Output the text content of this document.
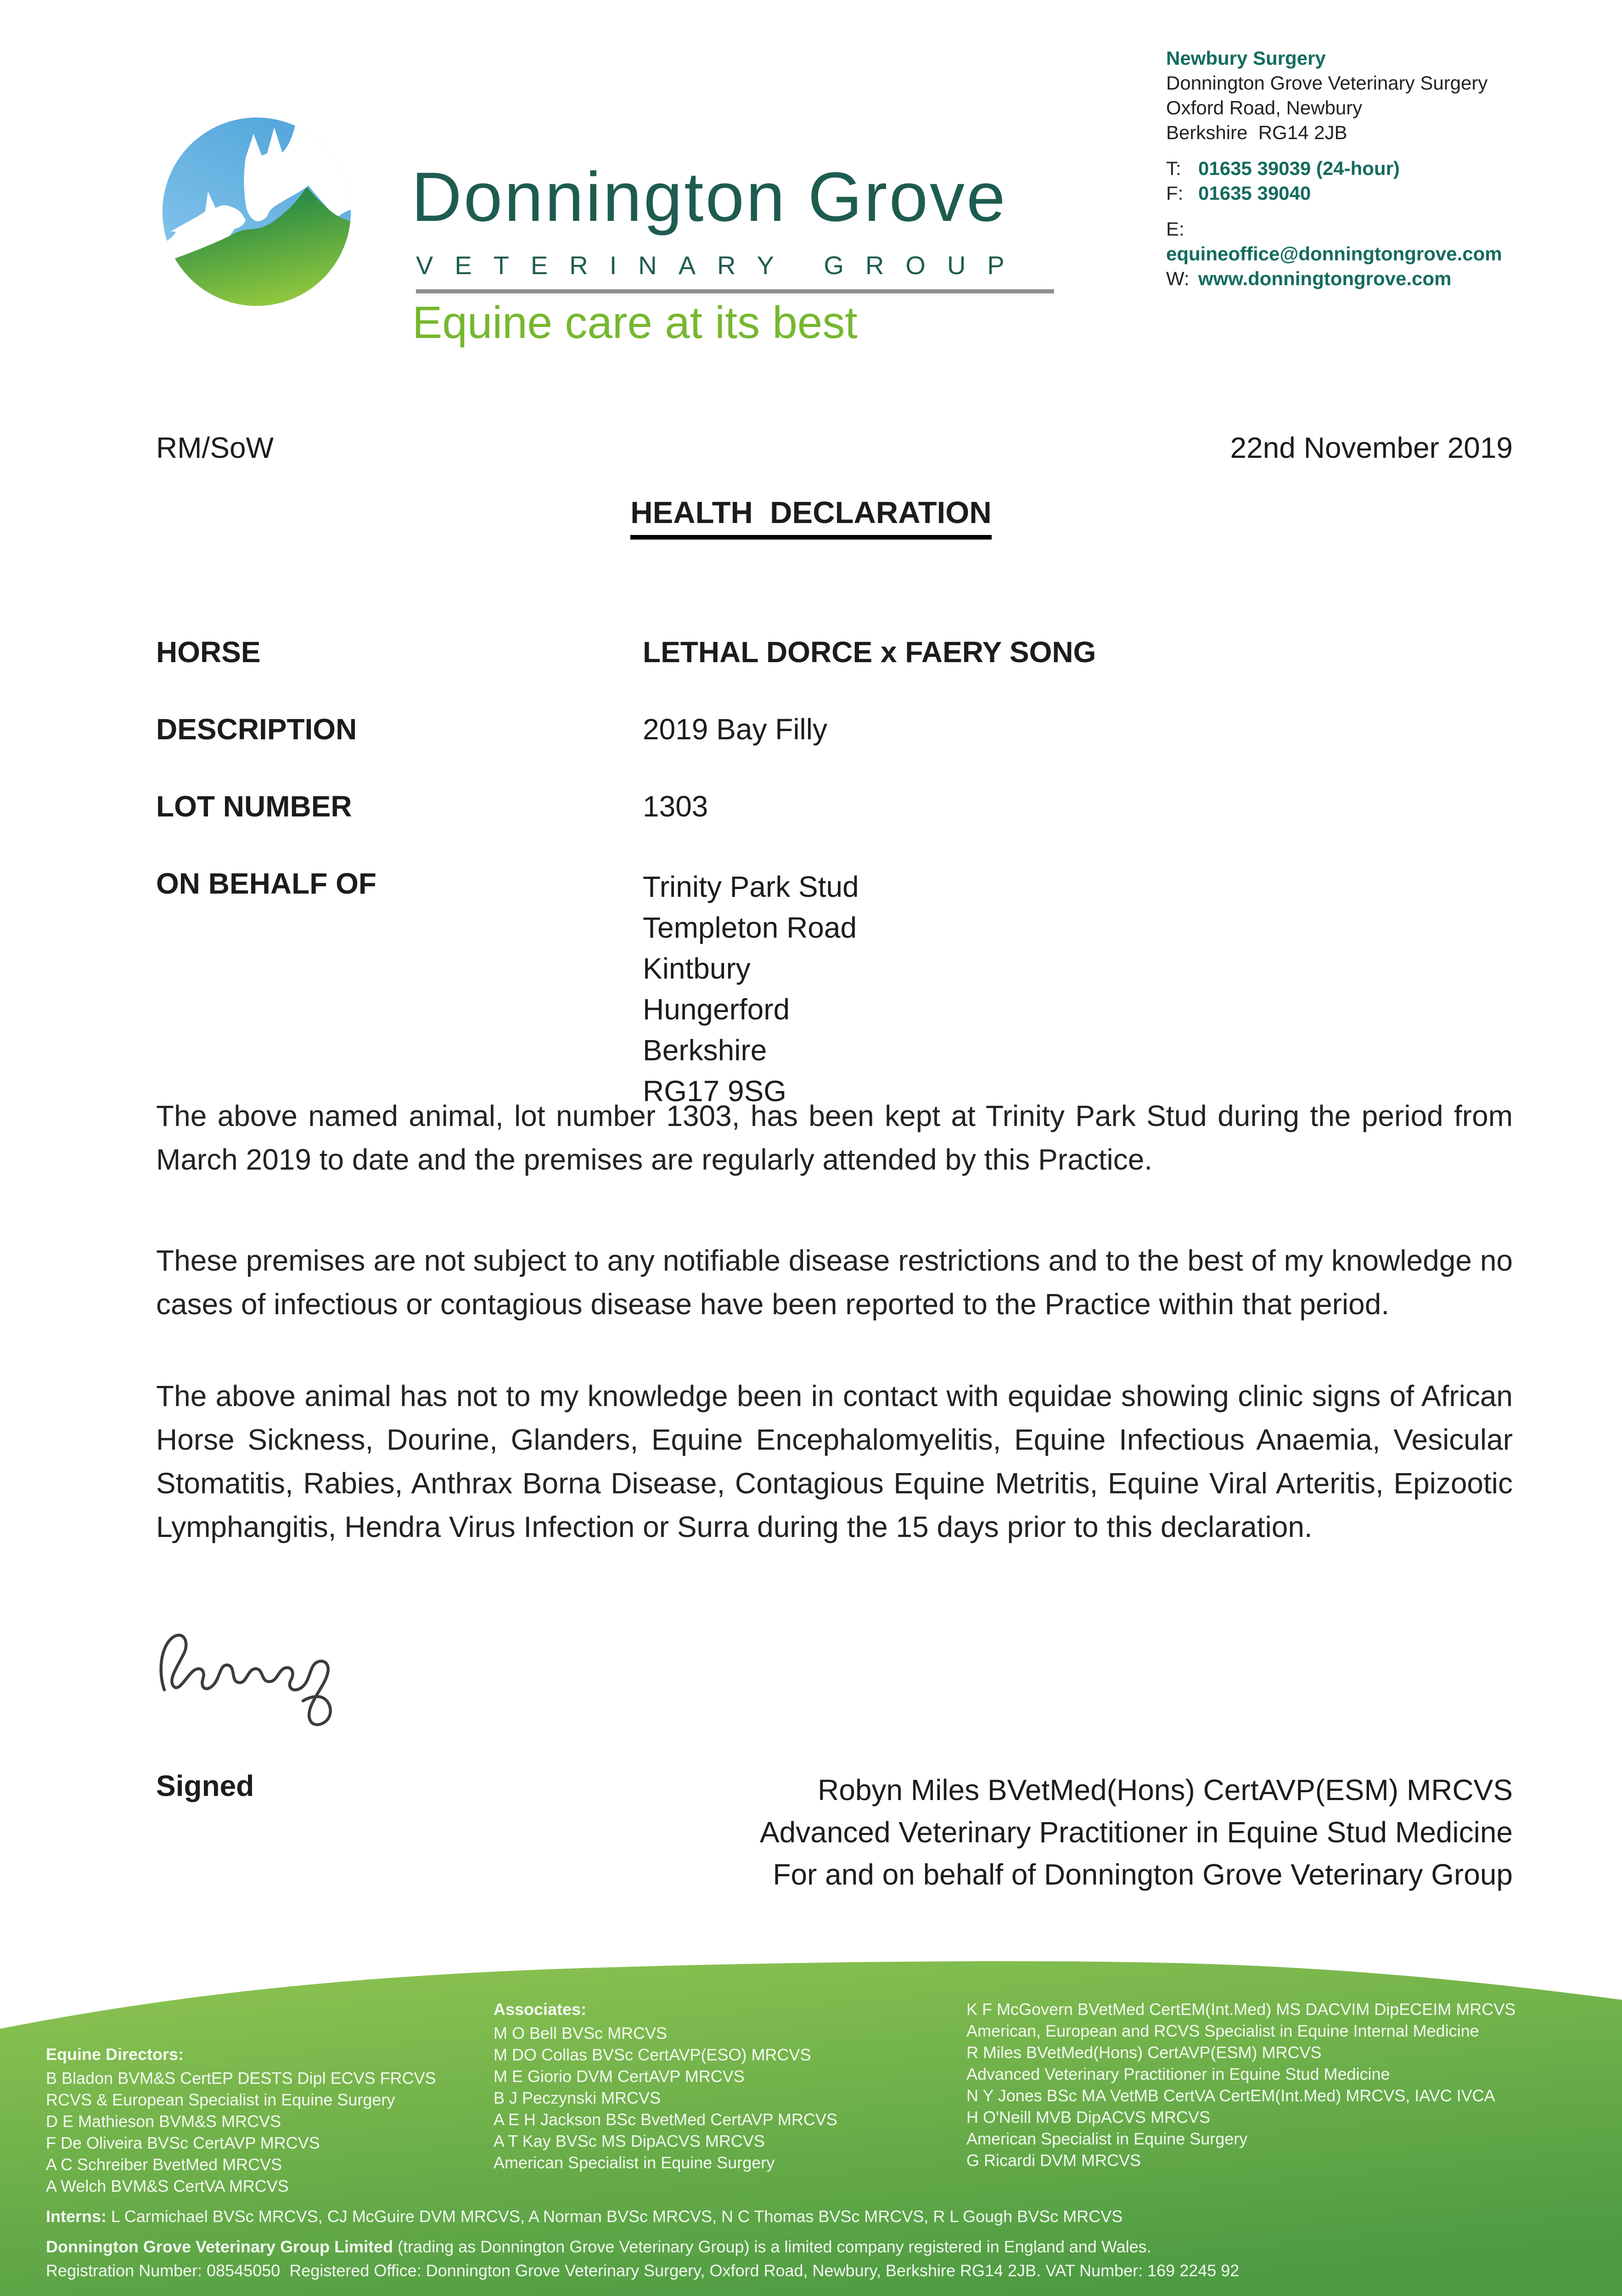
Donnington Grove
VETERINARY GROUP
Equine care at its best
Newbury Surgery
Donnington Grove Veterinary Surgery
Oxford Road, Newbury
Berkshire  RG14 2JB
T: 01635 39039 (24-hour)
F: 01635 39040
E:equineoffice@donningtongrove.com
W: www.donningtongrove.com
RM/SoW	22nd November 2019
HEALTH  DECLARATION
HORSE	LETHAL DORCE x FAERY SONG
DESCRIPTION	2019 Bay Filly
LOT NUMBER	1303
ON BEHALF OF	Trinity Park Stud
Templeton Road
Kintbury
Hungerford
Berkshire
RG17 9SG
The above named animal, lot number 1303, has been kept at Trinity Park Stud during the period from March 2019 to date and the premises are regularly attended by this Practice.
These premises are not subject to any notifiable disease restrictions and to the best of my knowledge no cases of infectious or contagious disease have been reported to the Practice within that period.
The above animal has not to my knowledge been in contact with equidae showing clinic signs of African Horse Sickness, Dourine, Glanders, Equine Encephalomyelitis, Equine Infectious Anaemia, Vesicular Stomatitis, Rabies, Anthrax Borna Disease, Contagious Equine Metritis, Equine Viral Arteritis, Epizootic Lymphangitis, Hendra Virus Infection or Surra during the 15 days prior to this declaration.
Signed	Robyn Miles BVetMed(Hons) CertAVP(ESM) MRCVS
Advanced Veterinary Practitioner in Equine Stud Medicine
For and on behalf of Donnington Grove Veterinary Group
Equine Directors:
B Bladon BVM&S CertEP DESTS Dipl ECVS FRCVS
RCVS & European Specialist in Equine Surgery
D E Mathieson BVM&S MRCVS
F De Oliveira BVSc CertAVP MRCVS
A C Schreiber BvetMed MRCVS
A Welch BVM&S CertVA MRCVS
Associates:
M O Bell BVSc MRCVS
M DO Collas BVSc CertAVP(ESO) MRCVS
M E Giorio DVM CertAVP MRCVS
B J Peczynski MRCVS
A E H Jackson BSc BvetMed CertAVP MRCVS
A T Kay BVSc MS DipACVS MRCVS
American Specialist in Equine Surgery
K F McGovern BVetMed CertEM(Int.Med) MS DACVIM DipECEIM MRCVS
American, European and RCVS Specialist in Equine Internal Medicine
R Miles BVetMed(Hons) CertAVP(ESM) MRCVS
Advanced Veterinary Practitioner in Equine Stud Medicine
N Y Jones BSc MA VetMB CertVA CertEM(Int.Med) MRCVS, IAVC IVCA
H O'Neill MVB DipACVS MRCVS
American Specialist in Equine Surgery
G Ricardi DVM MRCVS
Interns: L Carmichael BVSc MRCVS, CJ McGuire DVM MRCVS, A Norman BVSc MRCVS, N C Thomas BVSc MRCVS, R L Gough BVSc MRCVS
Donnington Grove Veterinary Group Limited (trading as Donnington Grove Veterinary Group) is a limited company registered in England and Wales.
Registration Number: 08545050  Registered Office: Donnington Grove Veterinary Surgery, Oxford Road, Newbury, Berkshire RG14 2JB. VAT Number: 169 2245 92
